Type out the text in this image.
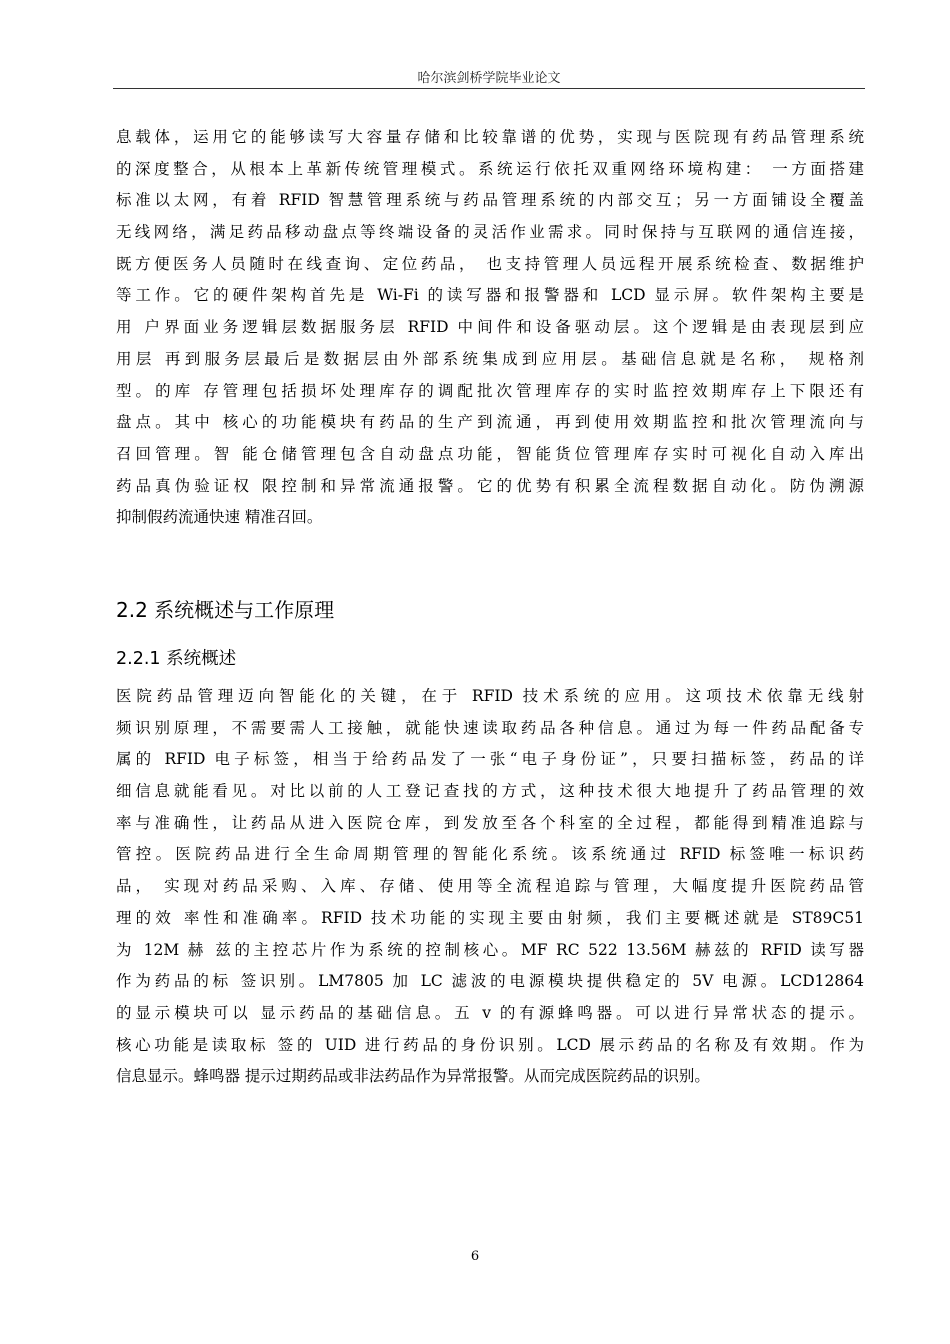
哈尔滨剑桥学院毕业论文
息载体，运用它的能够读写大容量存储和比较靠谱的优势，实现与医院现有药品管理系统
的深度整合，从根本上革新传统管理模式。系统运行依托双重网络环境构建： 一方面搭建
标准以太网，有着 RFID 智慧管理系统与药品管理系统的内部交互；另一方面铺设全覆盖
无线网络，满足药品移动盘点等终端设备的灵活作业需求。同时保持与互联网的通信连接，
既方便医务人员随时在线查询、定位药品， 也支持管理人员远程开展系统检查、数据维护
等工作。它的硬件架构首先是 Wi-Fi 的读写器和报警器和 LCD 显示屏。软件架构主要是
用 户界面业务逻辑层数据服务层 RFID 中间件和设备驱动层。这个逻辑是由表现层到应
用层 再到服务层最后是数据层由外部系统集成到应用层。基础信息就是名称， 规格剂
型。的库 存管理包括损坏处理库存的调配批次管理库存的实时监控效期库存上下限还有
盘点。其中 核心的功能模块有药品的生产到流通，再到使用效期监控和批次管理流向与
召回管理。智 能仓储管理包含自动盘点功能，智能货位管理库存实时可视化自动入库出
药品真伪验证权 限控制和异常流通报警。它的优势有积累全流程数据自动化。防伪溯源
抑制假药流通快速 精准召回。
2.2 系统概述与工作原理
2.2.1 系统概述
医院药品管理迈向智能化的关键，在于 RFID 技术系统的应用。这项技术依靠无线射
频识别原理，不需要需人工接触，就能快速读取药品各种信息。通过为每一件药品配备专
属的 RFID 电子标签，相当于给药品发了一张“电子身份证”，只要扫描标签，药品的详
细信息就能看见。对比以前的人工登记查找的方式，这种技术很大地提升了药品管理的效
率与准确性，让药品从进入医院仓库，到发放至各个科室的全过程，都能得到精准追踪与
管控。医院药品进行全生命周期管理的智能化系统。该系统通过 RFID 标签唯一标识药
品， 实现对药品采购、入库、存储、使用等全流程追踪与管理，大幅度提升医院药品管
理的效 率性和准确率。RFID 技术功能的实现主要由射频，我们主要概述就是 ST89C51
为 12M 赫 兹的主控芯片作为系统的控制核心。MF RC 522 13.56M 赫兹的 RFID 读写器
作为药品的标 签识别。LM7805 加 LC 滤波的电源模块提供稳定的 5V 电源。LCD12864
的显示模块可以 显示药品的基础信息。五 v 的有源蜂鸣器。可以进行异常状态的提示。
核心功能是读取标 签的 UID 进行药品的身份识别。LCD 展示药品的名称及有效期。作为
信息显示。蜂鸣器 提示过期药品或非法药品作为异常报警。从而完成医院药品的识别。
6
